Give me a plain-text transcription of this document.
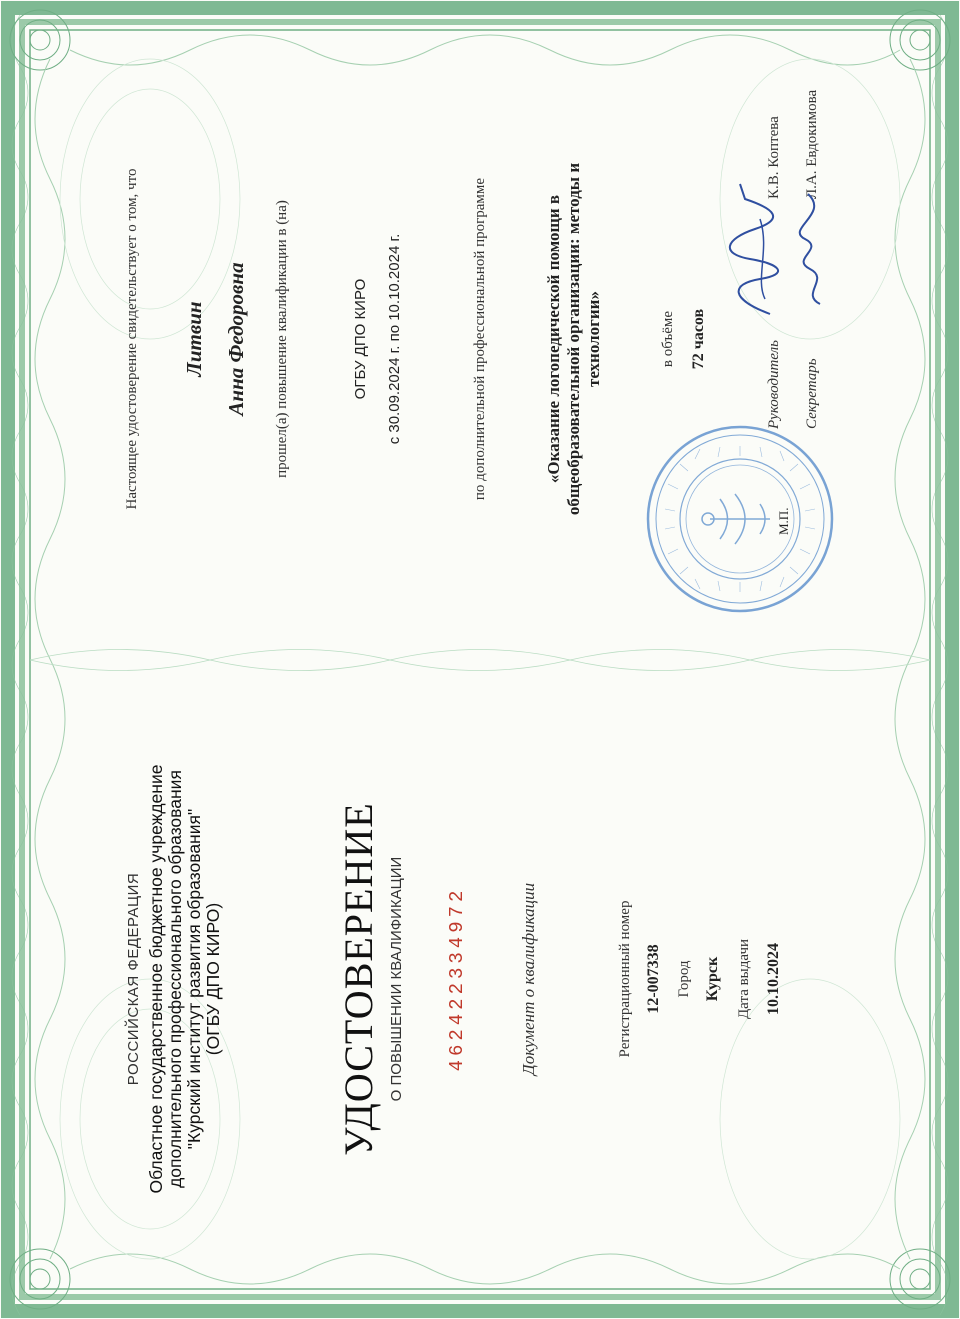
РОССИЙСКАЯ ФЕДЕРАЦИЯ Областное государственное бюджетное учреждение дополнительного профессионального образования "Курский институт развития образования" (ОГБУ ДПО КИРО)	УДОСТОВЕРЕНИЕ О ПОВЫШЕНИИ КВАЛИФИКАЦИИ 462422334972	Документ о квалификации	Регистрационный номер 12-007338 Город Курск Дата выдачи 10.10.2024
Настоящее удостоверение свидетельствует о том, что Литвин Анна Федоровна прошел(а) повышение квалификации в (на)	ОГБУ ДПО КИРО с 30.09.2024 г. по 10.10.2024 г.	по дополнительной профессиональной программе	«Оказание логопедической помощи в общеобразовательной организации: методы и технологии»	в объёме 72 часов
Руководитель
К.В. Коптева
Секретарь
Л.А. Евдокимова
М.П.
